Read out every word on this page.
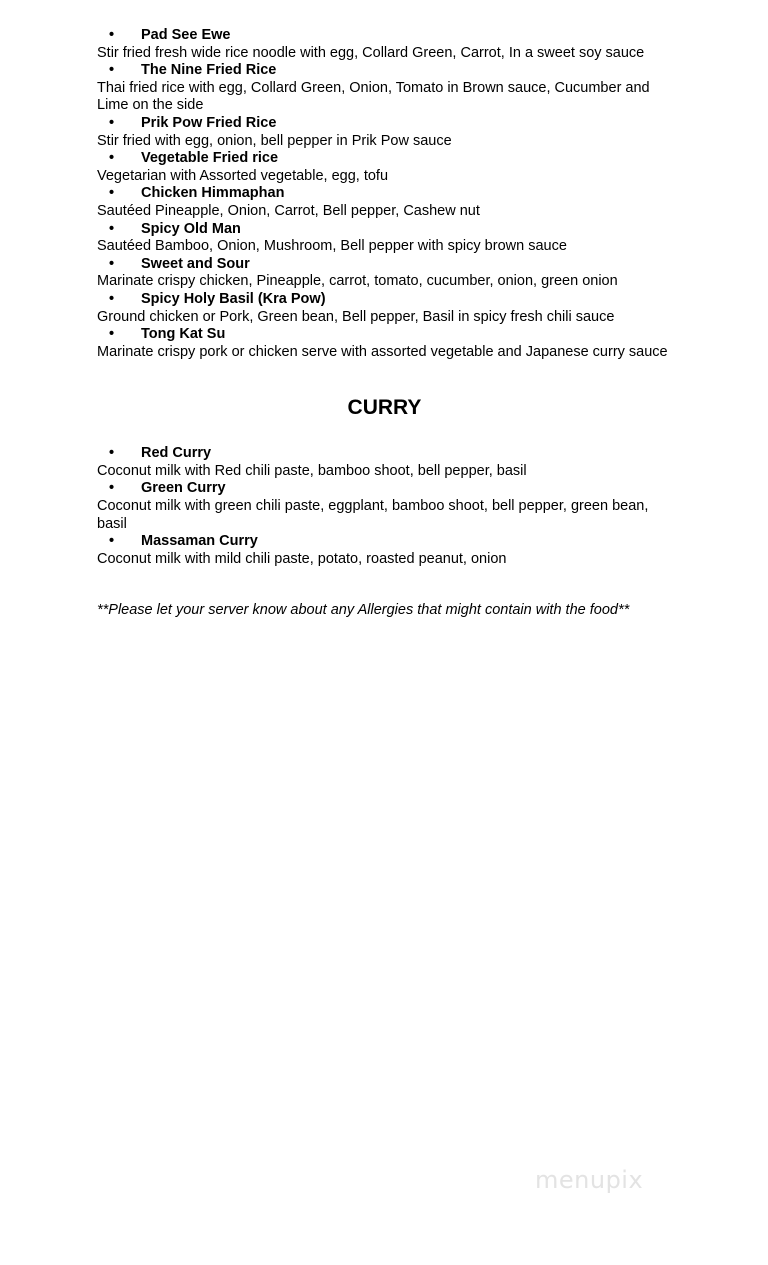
• Pad See Ewe
Stir fried fresh wide rice noodle with egg, Collard Green, Carrot, In a sweet soy sauce
• The Nine Fried Rice
Thai fried rice with egg, Collard Green, Onion, Tomato in Brown sauce, Cucumber and Lime on the side
• Prik Pow Fried Rice
Stir fried with egg, onion, bell pepper in Prik Pow sauce
• Vegetable Fried rice
Vegetarian with Assorted vegetable, egg, tofu
• Chicken Himmaphan
Sautéed Pineapple, Onion, Carrot, Bell pepper, Cashew nut
• Spicy Old Man
Sautéed Bamboo, Onion, Mushroom, Bell pepper with spicy brown sauce
• Sweet and Sour
Marinate crispy chicken, Pineapple, carrot, tomato, cucumber, onion, green onion
• Spicy Holy Basil (Kra Pow)
Ground chicken or Pork, Green bean, Bell pepper, Basil in spicy fresh chili sauce
• Tong Kat Su
Marinate crispy pork or chicken serve with assorted vegetable and Japanese curry sauce
CURRY
• Red Curry
Coconut milk with Red chili paste, bamboo shoot, bell pepper, basil
• Green Curry
Coconut milk with green chili paste, eggplant, bamboo shoot, bell pepper, green bean, basil
• Massaman Curry
Coconut milk with mild chili paste, potato, roasted peanut, onion
**Please let your server know about any Allergies that might contain with the food**
menupix
